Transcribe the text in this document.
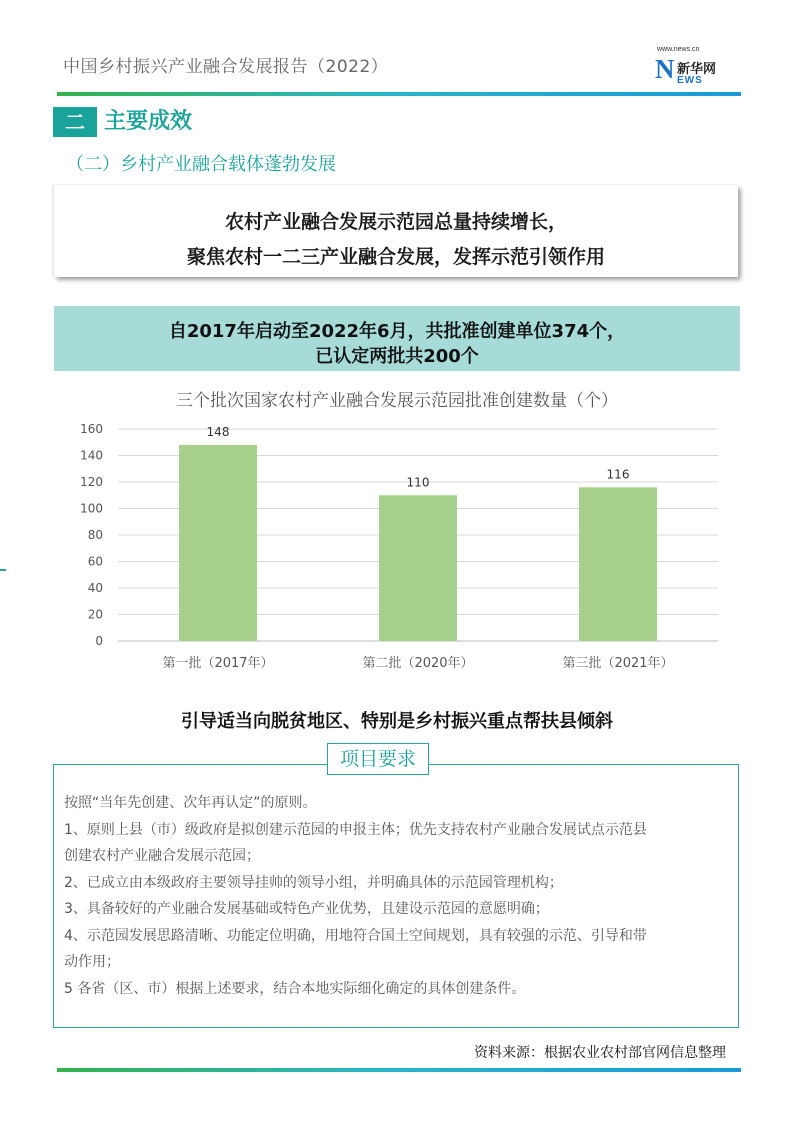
中国乡村振兴产业融合发展报告（2022）
www.news.cn
N 新华网
EWS
二 主要成效
（二）乡村产业融合载体蓬勃发展
农村产业融合发展示范园总量持续增长，
聚焦农村一二三产业融合发展，发挥示范引领作用
自2017年启动至2022年6月，共批准创建单位374个，
已认定两批共200个
三个批次国家农村产业融合发展示范园批准创建数量（个）
0
20
40
60
80
100
120
140
160	148
第一批（2017年）
110
第二批（2020年）
116
第三批（2021年）
引导适当向脱贫地区、特别是乡村振兴重点帮扶县倾斜
项目要求

按照“当年先创建、次年再认定”的原则。

1、原则上县（市）级政府是拟创建示范园的申报主体；优先支持农村产业融合发展试点示范县

创建农村产业融合发展示范园；

2、已成立由本级政府主要领导挂帅的领导小组，并明确具体的示范园管理机构；

3、具备较好的产业融合发展基础或特色产业优势，且建设示范园的意愿明确；

4、示范园发展思路清晰、功能定位明确，用地符合国土空间规划，具有较强的示范、引导和带

动作用；

5 各省（区、市）根据上述要求，结合本地实际细化确定的具体创建条件。

资料来源：根据农业农村部官网信息整理
